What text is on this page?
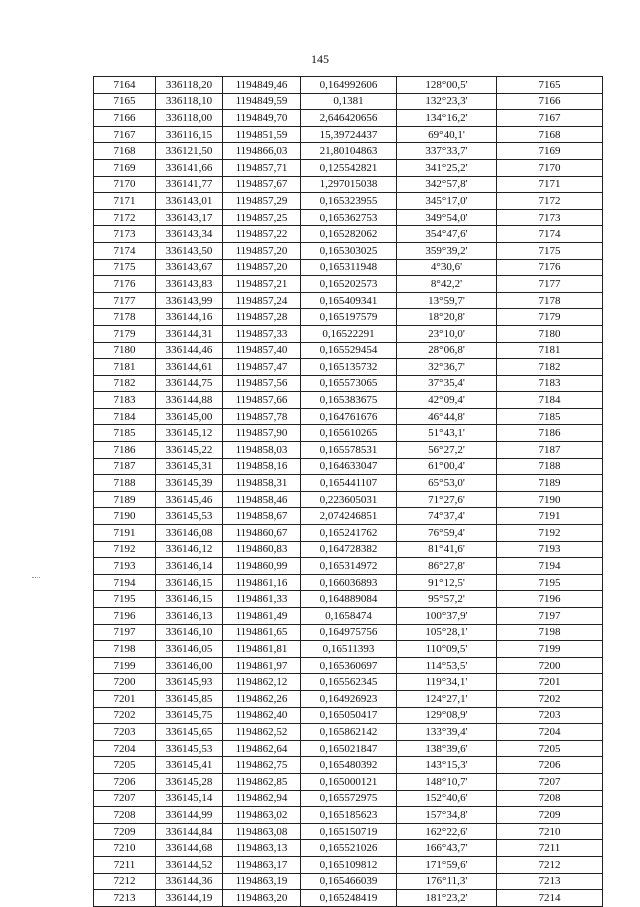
145
7164	336118,20	1194849,46	0,164992606	128°00,5'	7165
7165	336118,10	1194849,59	0,1381	132°23,3'	7166
7166	336118,00	1194849,70	2,646420656	134°16,2'	7167
7167	336116,15	1194851,59	15,39724437	69°40,1'	7168
7168	336121,50	1194866,03	21,80104863	337°33,7'	7169
7169	336141,66	1194857,71	0,125542821	341°25,2'	7170
7170	336141,77	1194857,67	1,297015038	342°57,8'	7171
7171	336143,01	1194857,29	0,165323955	345°17,0'	7172
7172	336143,17	1194857,25	0,165362753	349°54,0'	7173
7173	336143,34	1194857,22	0,165282062	354°47,6'	7174
7174	336143,50	1194857,20	0,165303025	359°39,2'	7175
7175	336143,67	1194857,20	0,165311948	4°30,6'	7176
7176	336143,83	1194857,21	0,165202573	8°42,2'	7177
7177	336143,99	1194857,24	0,165409341	13°59,7'	7178
7178	336144,16	1194857,28	0,165197579	18°20,8'	7179
7179	336144,31	1194857,33	0,16522291	23°10,0'	7180
7180	336144,46	1194857,40	0,165529454	28°06,8'	7181
7181	336144,61	1194857,47	0,165135732	32°36,7'	7182
7182	336144,75	1194857,56	0,165573065	37°35,4'	7183
7183	336144,88	1194857,66	0,165383675	42°09,4'	7184
7184	336145,00	1194857,78	0,164761676	46°44,8'	7185
7185	336145,12	1194857,90	0,165610265	51°43,1'	7186
7186	336145,22	1194858,03	0,165578531	56°27,2'	7187
7187	336145,31	1194858,16	0,164633047	61°00,4'	7188
7188	336145,39	1194858,31	0,165441107	65°53,0'	7189
7189	336145,46	1194858,46	0,223605031	71°27,6'	7190
7190	336145,53	1194858,67	2,074246851	74°37,4'	7191
7191	336146,08	1194860,67	0,165241762	76°59,4'	7192
7192	336146,12	1194860,83	0,164728382	81°41,6'	7193
7193	336146,14	1194860,99	0,165314972	86°27,8'	7194
7194	336146,15	1194861,16	0,166036893	91°12,5'	7195
7195	336146,15	1194861,33	0,164889084	95°57,2'	7196
7196	336146,13	1194861,49	0,1658474	100°37,9'	7197
7197	336146,10	1194861,65	0,164975756	105°28,1'	7198
7198	336146,05	1194861,81	0,16511393	110°09,5'	7199
7199	336146,00	1194861,97	0,165360697	114°53,5'	7200
7200	336145,93	1194862,12	0,165562345	119°34,1'	7201
7201	336145,85	1194862,26	0,164926923	124°27,1'	7202
7202	336145,75	1194862,40	0,165050417	129°08,9'	7203
7203	336145,65	1194862,52	0,165862142	133°39,4'	7204
7204	336145,53	1194862,64	0,165021847	138°39,6'	7205
7205	336145,41	1194862,75	0,165480392	143°15,3'	7206
7206	336145,28	1194862,85	0,165000121	148°10,7'	7207
7207	336145,14	1194862,94	0,165572975	152°40,6'	7208
7208	336144,99	1194863,02	0,165185623	157°34,8'	7209
7209	336144,84	1194863,08	0,165150719	162°22,6'	7210
7210	336144,68	1194863,13	0,165521026	166°43,7'	7211
7211	336144,52	1194863,17	0,165109812	171°59,6'	7212
7212	336144,36	1194863,19	0,165466039	176°11,3'	7213
7213	336144,19	1194863,20	0,165248419	181°23,2'	7214
